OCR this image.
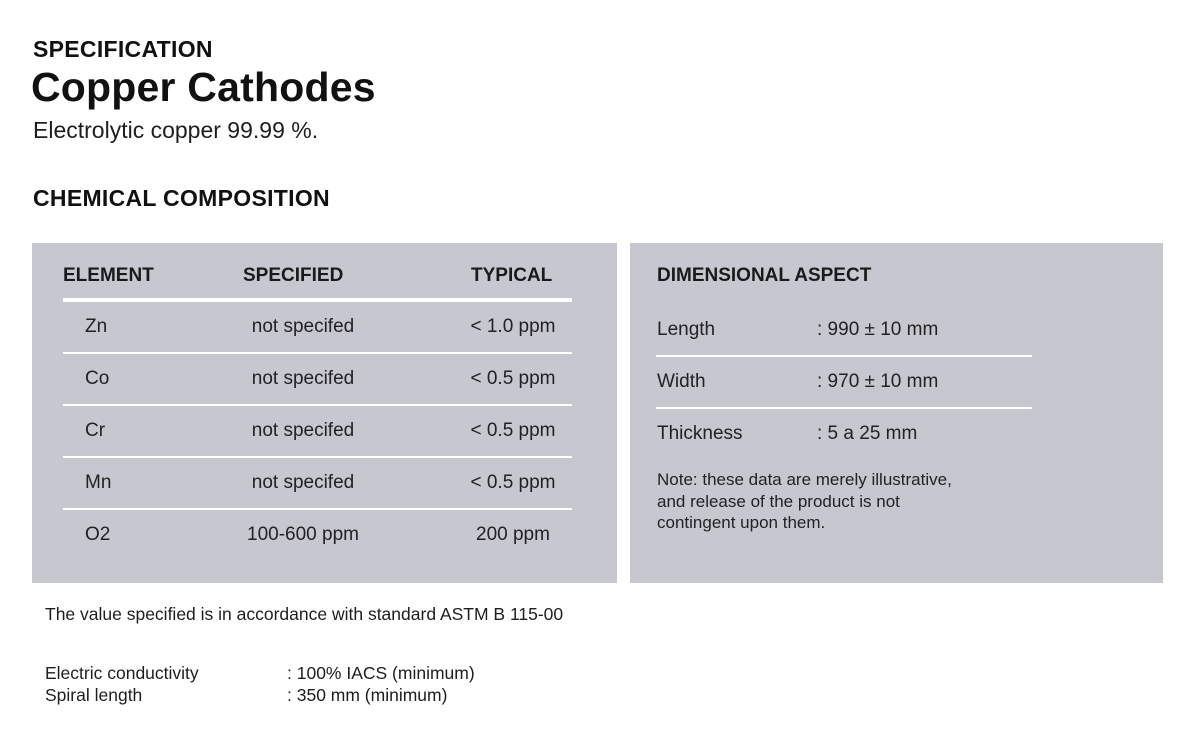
SPECIFICATION
Copper Cathodes
Electrolytic copper 99.99 %.
CHEMICAL COMPOSITION
ELEMENT	SPECIFIED	TYPICAL
Zn	not specifed	< 1.0 ppm
Co	not specifed	< 0.5 ppm
Cr	not specifed	< 0.5 ppm
Mn	not specifed	< 0.5 ppm
O2	100-600 ppm	200 ppm
DIMENSIONAL ASPECT
Length	: 990 ± 10 mm
Width	: 970 ± 10 mm
Thickness	: 5 a 25 mm
Note: these data are merely illustrative,
and release of the product is not
contingent upon them.
The value specified is in accordance with standard ASTM B 115-00
Electric conductivity	: 100% IACS (minimum)
Spiral length	: 350 mm (minimum)
